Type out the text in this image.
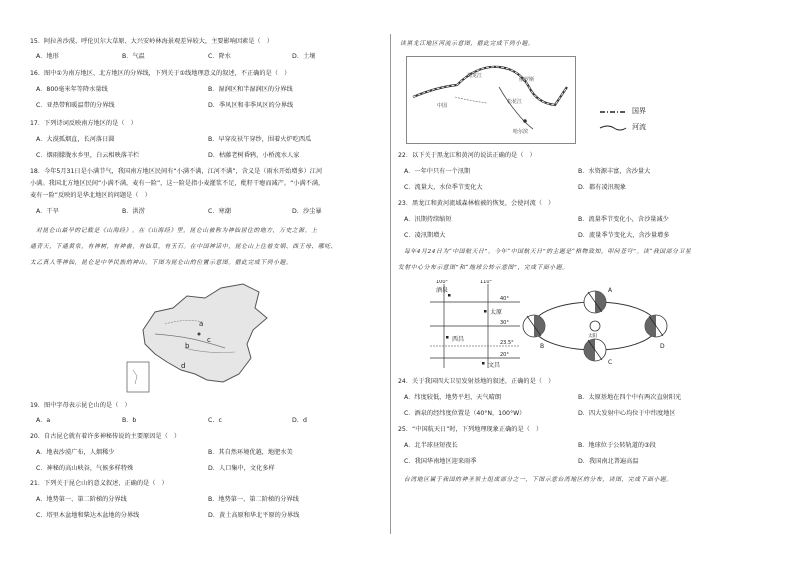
15．阿拉善沙漠、呼伦贝尔大草原、大兴安岭林海景观差异较大，主要影响因素是（　）
A．地形	B．气温	C．降水	D．土壤
16．图中①为南方地区、北方地区的分界线，下列关于①线地理意义的叙述，不正确的是（　）
A．800毫米年等降水量线	B．湿润区和半湿润区的分界线
C．亚热带和暖温带的分界线	D．季风区和非季风区的分界线
17．下列诗词反映南方地区的是（　）
A．大漠孤烟直，长河落日圆	B．早穿皮袄午穿纱，围着火炉吃西瓜
C．烟雨朦胧水乡里，白云相映落羊栏	D．枯藤老树昏鸦，小桥流水人家
18．今年5月31日是小满节气，我国南方地区民间有“小满不满，江河不满”，含义是（雨水开始增多）江河
小满。我国北方地区民间“小满不满，麦有一险”，这一险是指小麦灌浆不足，秕籽干瘪而减产。“小满不满，
麦有一险”反映的是华北地区的问题是（　）
A．干旱	B．洪涝	C．寒潮	D．沙尘暴
对昆仑山最早的记载是《山海经》。在《山海经》里，昆仑山被称为神仙居住的地方，万史之源。上
通青天，下通黄泉，有神树，有神兽，有仙草，有玉石。在中国神话中，昆仑山上住着女娲、西王母、哪吒、
太乙真人等神仙，昆仑是中华民族的神山。下图为昆仑山的位置示意图。据此完成下列小题。
a
b
c
d
19．图中字母表示昆仑山的是（　）
A．a	B．b	C．c	D．d
20．自古昆仑就有着许多神秘传说的主要原因是（　）
A．地表沙漠广布，人烟稀少	B．其自然环境优越，地肥水美
C．神秘的高山峡谷，气候多样特殊	D．人口集中，文化多样
21．下列关于昆仑山的意义叙述，正确的是（　）
A．地势第一、第二阶梯的分界线	B．地势第一、第二阶梯的分界线
C．塔里木盆地和柴达木盆地的分界线	D．黄土高原和华北平原的分界线
读黑龙江地区河流示意图，据此完成下列小题。
黑龙江
俄罗斯
中国
松花江
哈尔滨
国界
河流
22．以下关于黑龙江和黄河的说法正确的是（　）
A．一年中只有一个汛期	B．水资源丰富，含沙量大
C．流量大，水位季节变化大	D．都有凌汛现象
23．黑龙江和黄河流域森林植被的恢复，会使河流（　）
A．汛期持续缩短	B．流量季节变化小，含沙量减少
C．凌汛期增大	D．流量季节变化大，含沙量增多
每年4月24日为“中国航天日”。今年“中国航天日”的主题是“格物致知，叩问苍穹”。读“我国部分卫星
发射中心分布示意图”和“地球公转示意图”，完成下面小题。
100°	110°
40°
30°
23.5°
20°
酒泉
太原
西昌
文昌
太阳
A
B
C
D
24．关于我国四大卫星发射基地的叙述，正确的是（　）
A．纬度较低，地势平坦，天气晴朗	B．太原基地在四个中有两次直射阳光
C．酒泉的经纬度位置是（40°N，100°W）	D．四大发射中心均位于中纬度地区
25．“中国航天日”时，下列地理现象正确的是（　）
A．北半球昼短夜长	B．地球位于公转轨道的③段
C．我国华南地区迎来雨季	D．我国南北普遍高温
台湾地区属于我国的神圣领土组成部分之一，下图示意台湾地区的分布，读图，完成下面小题。
